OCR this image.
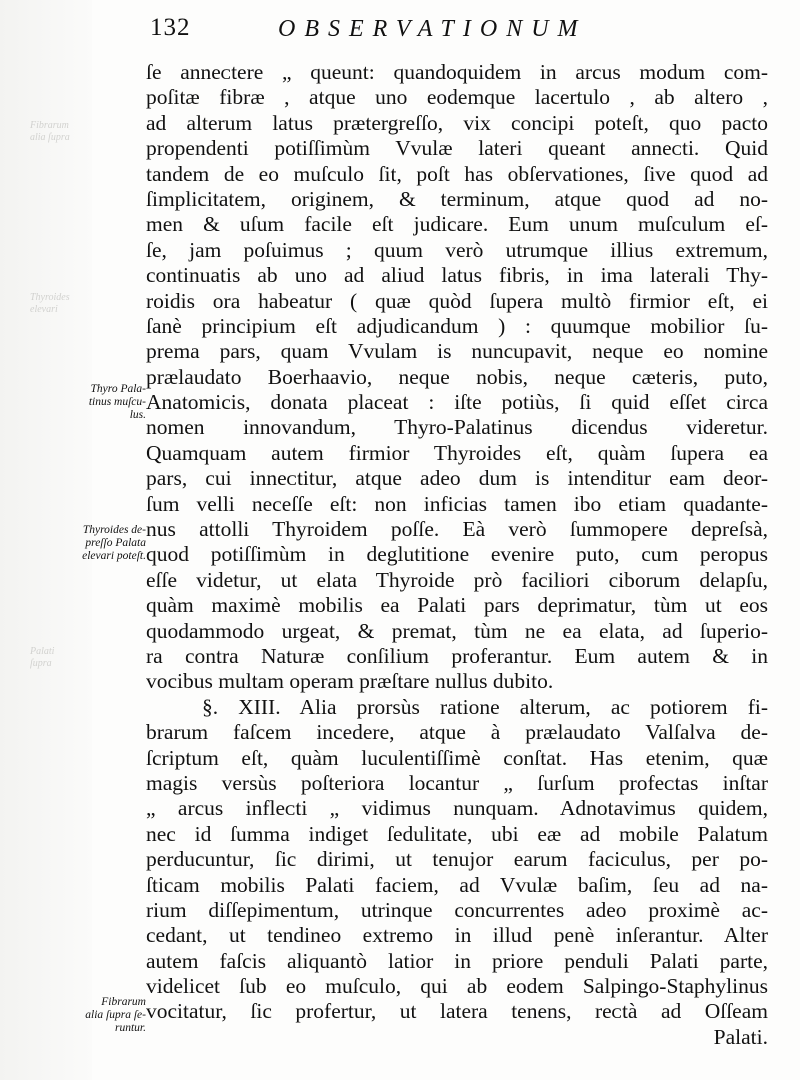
Fibrarum
alia ſupra
Thyroides
elevari
Palati
ſupra
132	OBSERVATIONUM
ſe anneᴄtere „ queunt: quandoquidem in arcus modum com-
poſitæ fibræ , atque uno eodemque lacertulo , ab altero ,
ad alterum latus prætergreſſo, vix concipi poteſt, quo pacto
propendenti potiſſimùm Vvulæ lateri queant anneᴄti. Quid
tandem de eo muſculo ſit, poſt has obſervationes, ſive quod ad
ſimplicitatem, originem, & terminum, atque quod ad no-
men & uſum facile eſt judicare. Eum unum muſculum eſ-
ſe, jam poſuimus ; quum verò utrumque illius extremum,
continuatis ab uno ad aliud latus fibris, in ima laterali Thy-
roidis ora habeatur ( quæ quòd ſupera multò firmior eſt, ei
ſanè principium eſt adjudicandum ) : quumque mobilior ſu-
prema pars, quam Vvulam is nuncupavit, neque eo nomine
prælaudato Boerhaavio, neque nobis, neque cæteris, puto,
Anatomicis, donata placeat : iſte potiùs, ſi quid eſſet circa
nomen innovandum, Thyro-Palatinus dicendus videretur.
Quamquam autem firmior Thyroides eſt, quàm ſupera ea
pars, cui inneᴄtitur, atque adeo dum is intenditur eam deor-
ſum velli neceſſe eſt: non inficias tamen ibo etiam quadante-
nus attolli Thyroidem poſſe. Eà verò ſummopere depreſsà,
quod potiſſimùm in deglutitione evenire puto, cum peropus
eſſe videtur, ut elata Thyroide prò faciliori ciborum delapſu,
quàm maximè mobilis ea Palati pars deprimatur, tùm ut eos
quodammodo urgeat, & premat, tùm ne ea elata, ad ſuperio-
ra contra Naturæ conſilium proferantur. Eum autem & in
vocibus multam operam præſtare nullus dubito.
§. XIII. Alia prorsùs ratione alterum, ac potiorem fi-
brarum faſcem incedere, atque à prælaudato Valſalva de-
ſcriptum eſt, quàm luculentiſſimè conſtat. Has etenim, quæ
magis versùs poſteriora locantur „ ſurſum profeᴄtas inſtar
„ arcus infleᴄti „ vidimus nunquam. Adnotavimus quidem,
nec id ſumma indiget ſedulitate, ubi eæ ad mobile Palatum
perducuntur, ſic dirimi, ut tenujor earum faciculus, per po-
ſticam mobilis Palati faciem, ad Vvulæ baſim, ſeu ad na-
rium diſſepimentum, utrinque concurrentes adeo proximè ac-
cedant, ut tendineo extremo in illud penè inſerantur. Alter
autem faſcis aliquantò latior in priore penduli Palati parte,
videlicet ſub eo muſculo, qui ab eodem Salpingo-Staphylinus
vocitatur, ſic profertur, ut latera tenens, reᴄtà ad Oſſeam
Palati.
Thyro Pala-
tinus muſcu-
lus.
Thyroides de-
preſſo Palata
elevari poteſt.
Fibrarum
alia ſupra ſe-
runtur.
